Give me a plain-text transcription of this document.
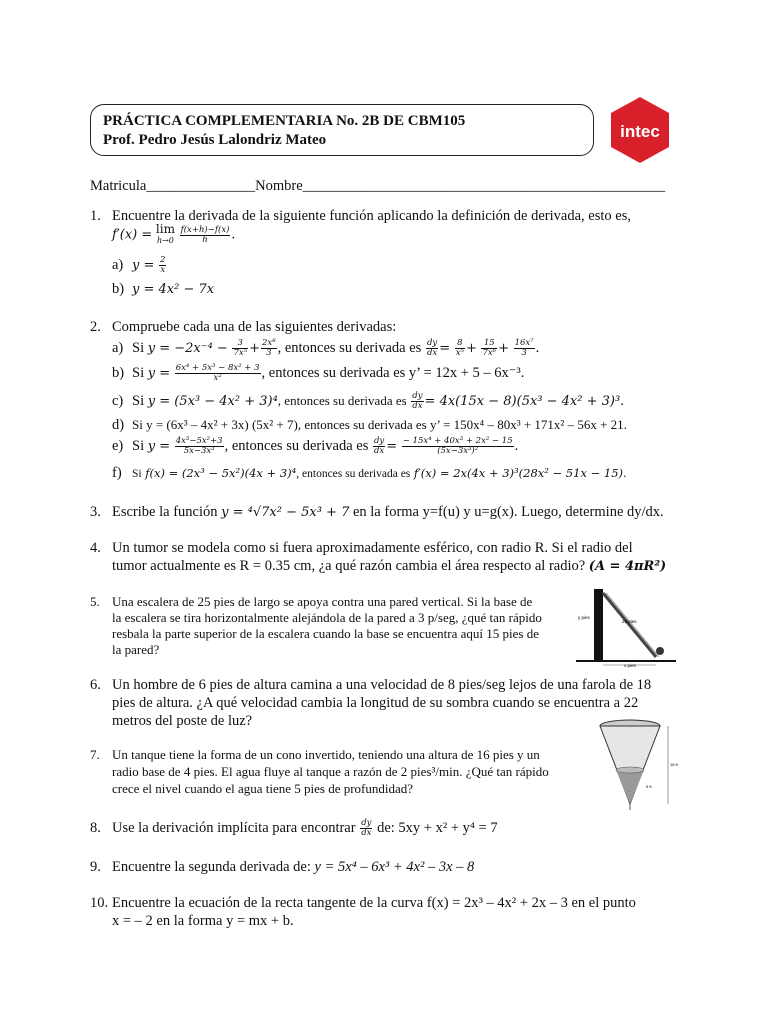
PRÁCTICA COMPLEMENTARIA No. 2B DE CBM105
Prof. Pedro Jesús Lalondriz Mateo	intec
Matricula_______________Nombre__________________________________________________
1. Encuentre la derivada de la siguiente función aplicando la definición de derivada, esto es,
f′(x) = lim
h→0
$\frac{f(x+h)-f(x)}{h}$ .
a) $y = \frac{2}{x}$
b) y = 4x² − 7x
2. Compruebe cada una de las siguientes derivadas:
a) Si $y = -2x^{-4} - \frac{3}{\text{7x⁵}} + \frac{\text{2x⁸}}{3}$ , entonces su derivada es $\frac{dy}{dx} = \frac{8}{\text{x⁵}} + \frac{15}{\text{7x⁶}} + \frac{\text{16x⁷}}{3}$ .
b) Si $y = \frac{\text{6x⁴ + 5x³ − 8x² + 3}}{\text{x²}}$ , entonces su derivada es y’ = 12x + 5 – 6x⁻³.
c) Si y = (5x³ − 4x² + 3)⁴, entonces su derivada es $\frac{dy}{dx} = 4x(15x - 8)(5x^3 - 4x^2 + 3)^3$.
d) Si y = (6x³ – 4x² + 3x) (5x² + 7), entonces su derivada es y’ = 150x⁴ – 80x³ + 171x² – 56x + 21.
e) Si $y = \frac{\text{4x³−5x²+3}}{\text{5x−3x³}}$ , entonces su derivada es $\frac{dy}{dx} = \frac{\text{− 15x⁴ + 40x³ + 2x² − 15}}{\text{(5x−3x³)²}}$ .
f) Si f(x) = (2x³ − 5x²)(4x + 3)⁴, entonces su derivada es f′(x) = 2x(4x + 3)³(28x² − 51x − 15).
3. Escribe la función y = ⁴√7x² − 5x³ + 7 en la forma y=f(u) y u=g(x). Luego, determine dy/dx.
4. Un tumor se modela como si fuera aproximadamente esférico, con radio R. Si el radio del
tumor actualmente es R = 0.35 cm, ¿a qué razón cambia el área respecto al radio? (A = 4πR²)
5. Una escalera de 25 pies de largo se apoya contra una pared vertical. Si la base de
la escalera se tira horizontalmente alejándola de la pared a 3 p/seg, ¿qué tan rápido
resbala la parte superior de la escalera cuando la base se encuentra aquí 15 pies de
la pared?
y pies
25 pies
x pies
6. Un hombre de 6 pies de altura camina a una velocidad de 8 pies/seg lejos de una farola de 18
pies de altura. ¿A qué velocidad cambia la longitud de su sombra cuando se encuentra a 22
metros del poste de luz?
7. Un tanque tiene la forma de un cono invertido, teniendo una altura de 16 pies y un
radio base de 4 pies. El agua fluye al tanque a razón de 2 pies³/min. ¿Qué tan rápido
crece el nivel cuando el agua tiene 5 pies de profundidad?
16 ft
5 ft
8. Use la derivación implícita para encontrar $\frac{dy}{dx}$ de: 5xy + x² + y⁴ = 7
9. Encuentre la segunda derivada de: y = 5x⁴ – 6x³ + 4x² – 3x – 8
10. Encuentre la ecuación de la recta tangente de la curva f(x) = 2x³ – 4x² + 2x – 3 en el punto
x = – 2 en la forma y = mx + b.
